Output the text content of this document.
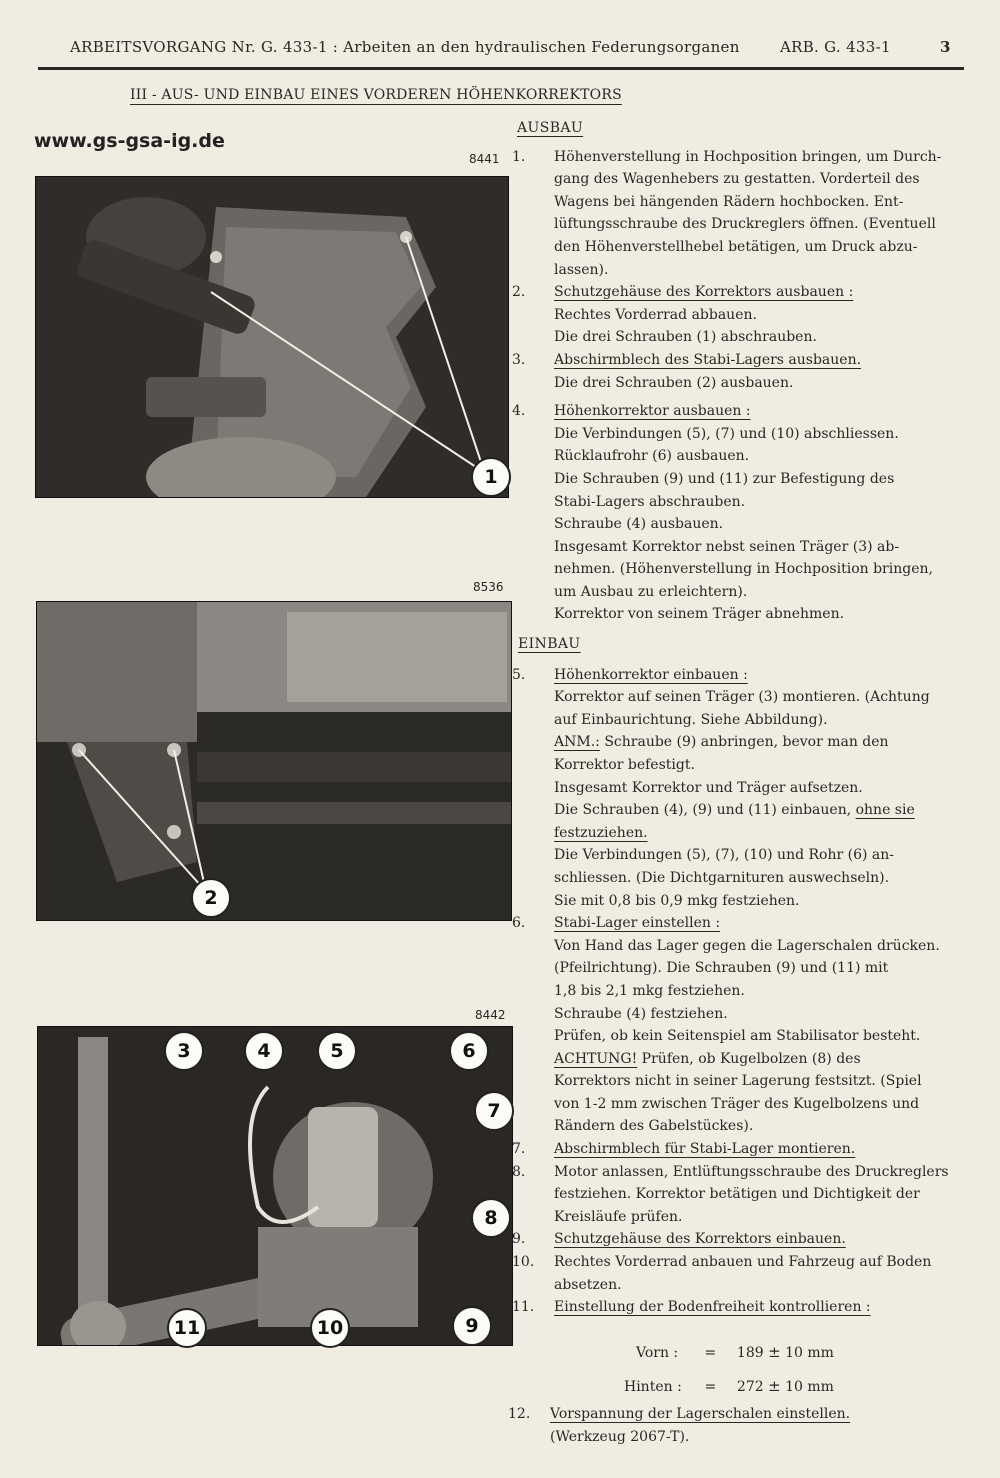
ARBEITSVORGANG Nr. G. 433-1 : Arbeiten an den hydraulischen Federungsorganen	ARB. G. 433-1	3
III - AUS- UND EINBAU EINES VORDEREN HÖHENKORREKTORS
www.gs-gsa-ig.de
8441
1
8536
2
8442
3	4	5	6
7
8
9
10
11
AUSBAU
1.	Höhenverstellung in Hochposition bringen, um Durch-
gang des Wagenhebers zu gestatten. Vorderteil des
Wagens bei hängenden Rädern hochbocken. Ent-
lüftungsschraube des Druckreglers öffnen. (Eventuell
den Höhenverstellhebel betätigen, um Druck abzu-
lassen).
2.	Schutzgehäuse des Korrektors ausbauen :
Rechtes Vorderrad abbauen.
Die drei Schrauben (1) abschrauben.
3.	Abschirmblech des Stabi-Lagers ausbauen.
Die drei Schrauben (2) ausbauen.
4.	Höhenkorrektor ausbauen :
Die Verbindungen (5), (7) und (10) abschliessen.
Rücklaufrohr (6) ausbauen.
Die Schrauben (9) und (11) zur Befestigung des
Stabi-Lagers abschrauben.
Schraube (4) ausbauen.
Insgesamt Korrektor nebst seinen Träger (3) ab-
nehmen. (Höhenverstellung in Hochposition bringen,
um Ausbau zu erleichtern).
Korrektor von seinem Träger abnehmen.
EINBAU
5.	Höhenkorrektor einbauen :
Korrektor auf seinen Träger (3) montieren. (Achtung
auf Einbaurichtung. Siehe Abbildung).
ANM.: Schraube (9) anbringen, bevor man den
Korrektor befestigt.
Insgesamt Korrektor und Träger aufsetzen.
Die Schrauben (4), (9) und (11) einbauen, ohne sie
festzuziehen.
Die Verbindungen (5), (7), (10) und Rohr (6) an-
schliessen. (Die Dichtgarnituren auswechseln).
Sie mit 0,8 bis 0,9 mkg festziehen.
6.	Stabi-Lager einstellen :
Von Hand das Lager gegen die Lagerschalen drücken.
(Pfeilrichtung). Die Schrauben (9) und (11) mit
1,8 bis 2,1 mkg festziehen.
Schraube (4) festziehen.
Prüfen, ob kein Seitenspiel am Stabilisator besteht.
ACHTUNG! Prüfen, ob Kugelbolzen (8) des
Korrektors nicht in seiner Lagerung festsitzt. (Spiel
von 1-2 mm zwischen Träger des Kugelbolzens und
Rändern des Gabelstückes).
7.	Abschirmblech für Stabi-Lager montieren.
8.	Motor anlassen, Entlüftungsschraube des Druckreglers
festziehen. Korrektor betätigen und Dichtigkeit der
Kreisläufe prüfen.
9.	Schutzgehäuse des Korrektors einbauen.
10.	Rechtes Vorderrad anbauen und Fahrzeug auf Boden
absetzen.
11.	Einstellung der Bodenfreiheit kontrollieren :
Vorn : = 189 ± 10 mm
Hinten : = 272 ± 10 mm
12.	Vorspannung der Lagerschalen einstellen.
(Werkzeug 2067-T).
